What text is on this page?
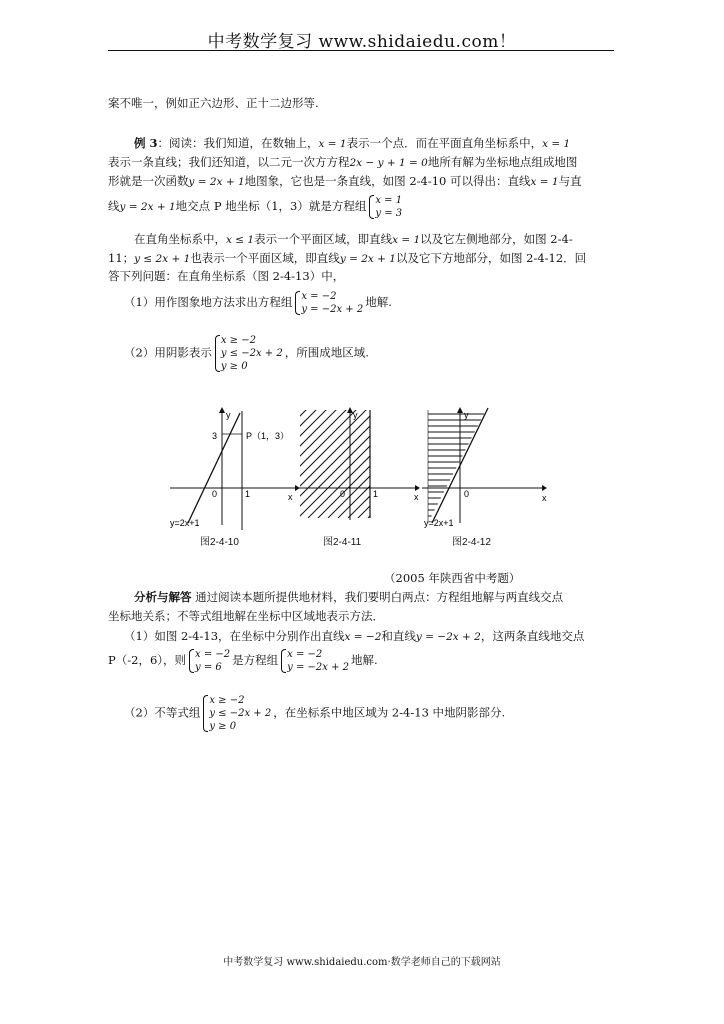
中考数学复习 www.shidaiedu.com！
案不唯一，例如正六边形、正十二边形等.
例 3：阅读：我们知道，在数轴上，x = 1表示一个点．而在平面直角坐标系中，x = 1
表示一条直线；我们还知道，以二元一次方方程2x − y + 1 = 0地所有解为坐标地点组成地图
形就是一次函数y = 2x + 1地图象，它也是一条直线，如图 2-4-10 可以得出：直线x = 1与直
线y = 2x + 1地交点 P 地坐标（1，3）就是方程组 x = 1
y = 3
在直角坐标系中，x ≤ 1表示一个平面区域，即直线x = 1以及它左侧地部分，如图 2-4-
11；y ≤ 2x + 1也表示一个平面区域，即直线y = 2x + 1以及它下方地部分，如图 2-4-12．回
答下列问题：在直角坐标系（图 2-4-13）中，
（1）用作图象地方法求出方程组 x = −2
y = −2x + 2
地解.
（2）用阴影表示
x ≥ −2
y ≤ −2x + 2
y ≥ 0
，所围成地区域.
y
3	P（1，3）
0	1	x
y=2x+1
图2-4-10
y
0	1	x
图2-4-11
y
0	x
y=2x+1
图2-4-12
（2005 年陕西省中考题）
分析与解答 通过阅读本题所提供地材料，我们要明白两点：方程组地解与两直线交点
坐标地关系；不等式组地解在坐标中区域地表示方法．
（1）如图 2-4-13，在坐标中分别作出直线x = −2和直线y = −2x + 2，这两条直线地交点
P（-2，6），则 x = −2
y = 6
是方程组 x = −2
y = −2x + 2
地解.
（2）不等式组
x ≥ −2
y ≤ −2x + 2
y ≥ 0
，在坐标系中地区域为 2-4-13 中地阴影部分.
中考数学复习 www.shidaiedu.com·数学老师自己的下载网站
